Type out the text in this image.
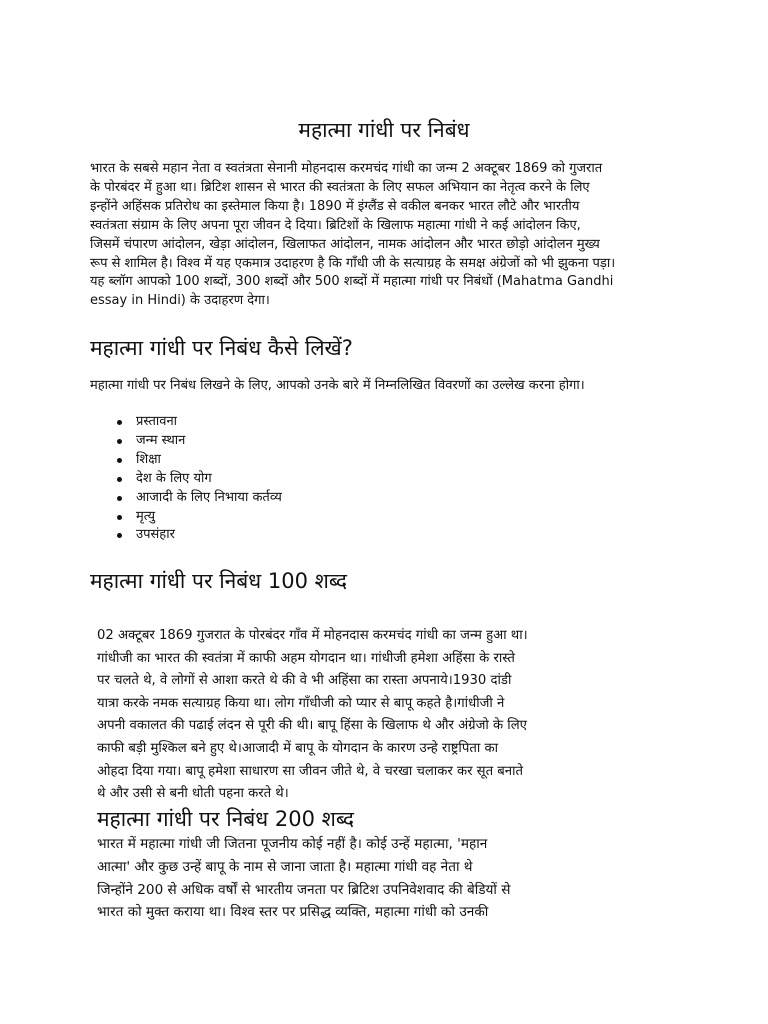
महात्मा गांधी पर निबंध
भारत के सबसे महान नेता व स्वतंत्रता सेनानी मोहनदास करमचंद गांधी का जन्म 2 अक्टूबर 1869 को गुजरात
के पोरबंदर में हुआ था। ब्रिटिश शासन से भारत की स्वतंत्रता के लिए सफल अभियान का नेतृत्व करने के लिए
इन्होंने अहिंसक प्रतिरोध का इस्तेमाल किया है। 1890 में इंग्लैंड से वकील बनकर भारत लौटे और भारतीय
स्वतंत्रता संग्राम के लिए अपना पूरा जीवन दे दिया। ब्रिटिशों के खिलाफ महात्मा गांधी ने कई आंदोलन किए,
जिसमें चंपारण आंदोलन, खेड़ा आंदोलन, खिलाफत आंदोलन, नामक आंदोलन और भारत छोड़ो आंदोलन मुख्य
रूप से शामिल है। विश्व में यह एकमात्र उदाहरण है कि गाँधी जी के सत्याग्रह के समक्ष अंग्रेजों को भी झुकना पड़ा।
यह ब्लॉग आपको 100 शब्दों, 300 शब्दों और 500 शब्दों में महात्मा गांधी पर निबंधों (Mahatma Gandhi
essay in Hindi) के उदाहरण देगा।
महात्मा गांधी पर निबंध कैसे लिखें?

महात्मा गांधी पर निबंध लिखने के लिए, आपको उनके बारे में निम्नलिखित विवरणों का उल्लेख करना होगा।

प्रस्तावना
जन्म स्थान
शिक्षा
देश के लिए योग
आजादी के लिए निभाया कर्तव्य
मृत्यु
उपसंहार
महात्मा गांधी पर निबंध 100 शब्द
02 अक्टूबर 1869 गुजरात के पोरबंदर गाँव में मोहनदास करमचंद गांधी का जन्म हुआ था।
गांधीजी का भारत की स्वतंत्रा में काफी अहम योगदान था। गांधीजी हमेशा अहिंसा के रास्ते
पर चलते थे, वे लोगों से आशा करते थे की वे भी अहिंसा का रास्ता अपनाये।1930 दांडी
यात्रा करके नमक सत्याग्रह किया था। लोग गाँधीजी को प्यार से बापू कहते है।गांधीजी ने
अपनी वकालत की पढाई लंदन से पूरी की थी। बापू हिंसा के खिलाफ थे और अंग्रेजो के लिए
काफी बड़ी मुश्किल बने हुए थे।आजादी में बापू के योगदान के कारण उन्हे राष्ट्रपिता का
ओहदा दिया गया। बापू हमेशा साधारण सा जीवन जीते थे, वे चरखा चलाकर कर सूत बनाते
थे और उसी से बनी धोती पहना करते थे।
महात्मा गांधी पर निबंध 200 शब्द
भारत में महात्मा गांधी जी जितना पूजनीय कोई नहीं है। कोई उन्हें महात्मा, 'महान
आत्मा' और कुछ उन्हें बापू के नाम से जाना जाता है। महात्मा गांधी वह नेता थे
जिन्होंने 200 से अधिक वर्षों से भारतीय जनता पर ब्रिटिश उपनिवेशवाद की बेडियों से
भारत को मुक्त कराया था। विश्व स्तर पर प्रसिद्ध व्यक्ति, महात्मा गांधी को उनकी
